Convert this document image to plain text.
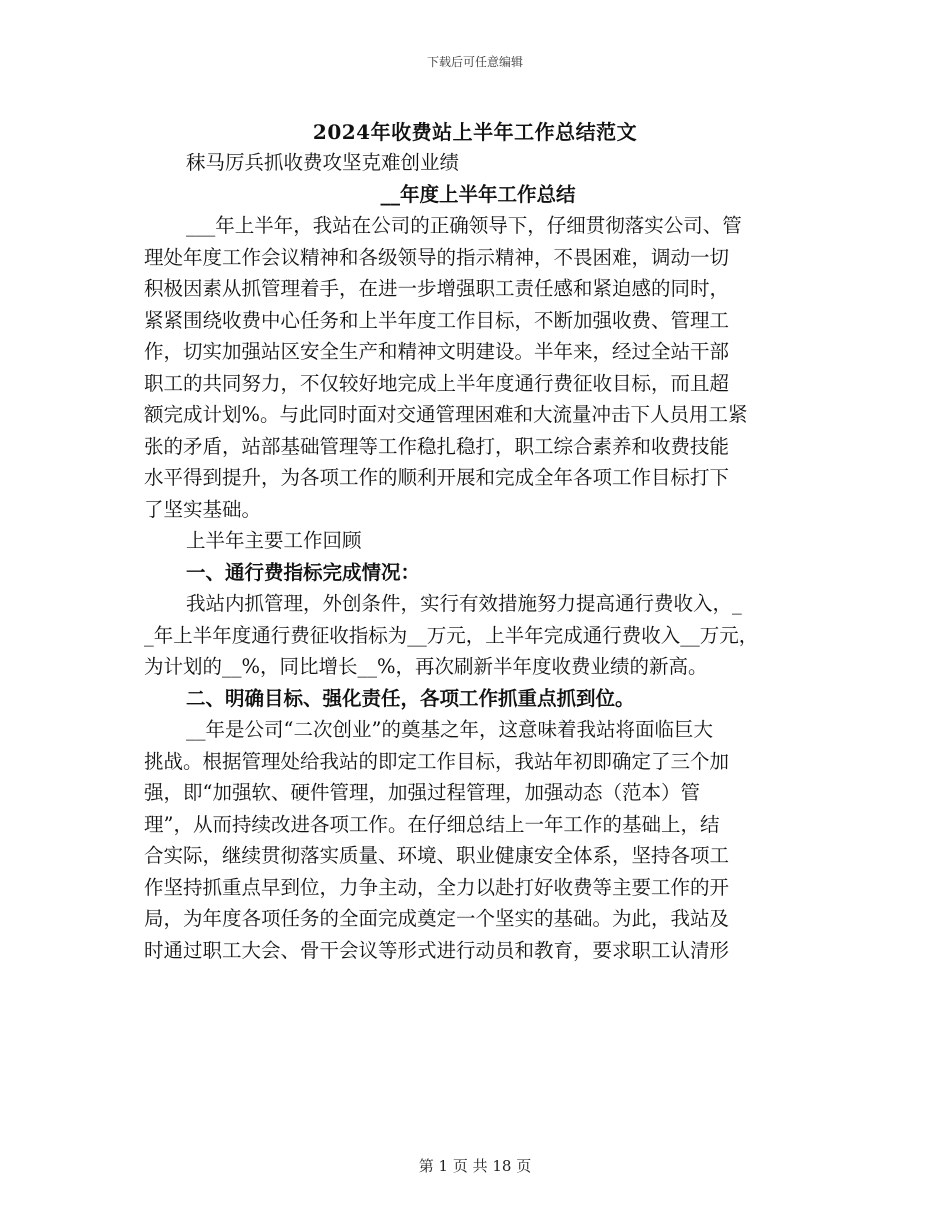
下载后可任意编辑
2024年收费站上半年工作总结范文
秣马厉兵抓收费攻坚克难创业绩
__年度上半年工作总结
___年上半年，我站在公司的正确领导下，仔细贯彻落实公司、管
理处年度工作会议精神和各级领导的指示精神，不畏困难，调动一切
积极因素从抓管理着手，在进一步增强职工责任感和紧迫感的同时，
紧紧围绕收费中心任务和上半年度工作目标，不断加强收费、管理工
作，切实加强站区安全生产和精神文明建设。半年来，经过全站干部
职工的共同努力，不仅较好地完成上半年度通行费征收目标，而且超
额完成计划%。与此同时面对交通管理困难和大流量冲击下人员用工紧
张的矛盾，站部基础管理等工作稳扎稳打，职工综合素养和收费技能
水平得到提升，为各项工作的顺利开展和完成全年各项工作目标打下
了坚实基础。
上半年主要工作回顾
一、通行费指标完成情况：
我站内抓管理，外创条件，实行有效措施努力提高通行费收入，_
_年上半年度通行费征收指标为__万元，上半年完成通行费收入__万元，
为计划的__%，同比增长__%，再次刷新半年度收费业绩的新高。
二、明确目标、强化责任，各项工作抓重点抓到位。
__年是公司“二次创业”的奠基之年，这意味着我站将面临巨大
挑战。根据管理处给我站的即定工作目标，我站年初即确定了三个加
强，即“加强软、硬件管理，加强过程管理，加强动态（范本）管
理”，从而持续改进各项工作。在仔细总结上一年工作的基础上，结
合实际，继续贯彻落实质量、环境、职业健康安全体系，坚持各项工
作坚持抓重点早到位，力争主动，全力以赴打好收费等主要工作的开
局，为年度各项任务的全面完成奠定一个坚实的基础。为此，我站及
时通过职工大会、骨干会议等形式进行动员和教育，要求职工认清形
第 1 页 共 18 页
